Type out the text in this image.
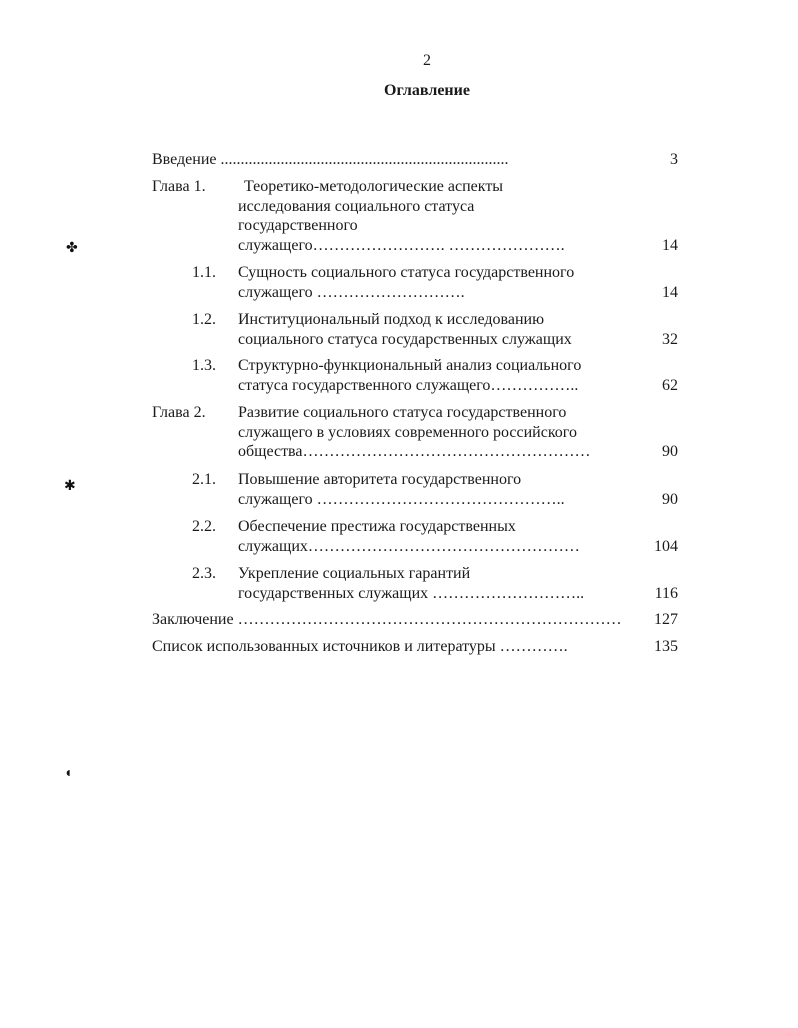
2
Оглавление
Введение ........................................................................	3
Глава 1. Теоретико-методологические аспекты
исследования социального статуса
государственного
служащего……………………. ………………….	14
1.1. Сущность социального статуса государственного
служащего ……………………….	14
1.2. Институциональный подход к исследованию
социального статуса государственных служащих	32
1.3. Структурно-функциональный анализ социального
статуса государственного служащего……………..	62
Глава 2. Развитие социального статуса государственного
служащего в условиях современного российского
общества………………………………………………	90
2.1. Повышение авторитета государственного
служащего ………………………………………..	90
2.2. Обеспечение престижа государственных
служащих……………………………………………	104
2.3. Укрепление социальных гарантий
государственных служащих ………………………..	116
Заключение ………………………………………………………………	127
Список использованных источников и литературы ………….	135
✤
✱
◖
